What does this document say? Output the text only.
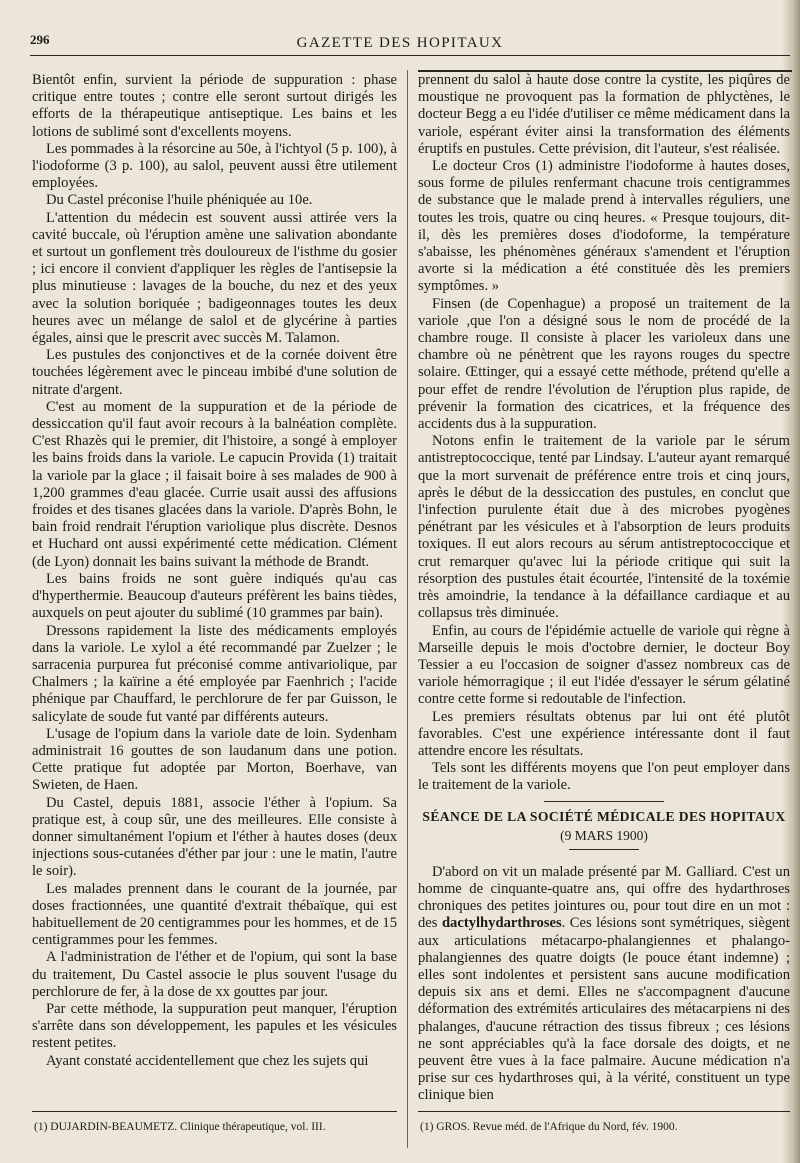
296	GAZETTE DES HOPITAUX

Bientôt enfin, survient la période de suppuration : phase critique entre toutes ; contre elle seront surtout dirigés les efforts de la thérapeutique antiseptique. Les bains et les lotions de sublimé sont d'excellents moyens.

Les pommades à la résorcine au 50e, à l'ichtyol (5 p. 100), à l'iodoforme (3 p. 100), au salol, peuvent aussi être utilement employées.

Du Castel préconise l'huile phéniquée au 10e.

L'attention du médecin est souvent aussi attirée vers la cavité buccale, où l'éruption amène une salivation abondante et surtout un gonflement très douloureux de l'isthme du gosier ; ici encore il convient d'appliquer les règles de l'antisepsie la plus minutieuse : lavages de la bouche, du nez et des yeux avec la solution boriquée ; badigeonnages toutes les deux heures avec un mélange de salol et de glycérine à parties égales, ainsi que le prescrit avec succès M. Talamon.

Les pustules des conjonctives et de la cornée doivent être touchées légèrement avec le pinceau imbibé d'une solution de nitrate d'argent.

C'est au moment de la suppuration et de la période de dessiccation qu'il faut avoir recours à la balnéation complète. C'est Rhazès qui le premier, dit l'histoire, a songé à employer les bains froids dans la variole. Le capucin Provida (1) traitait la variole par la glace ; il faisait boire à ses malades de 900 à 1,200 grammes d'eau glacée. Currie usait aussi des affusions froides et des tisanes glacées dans la variole. D'après Bohn, le bain froid rendrait l'éruption variolique plus discrète. Desnos et Huchard ont aussi expérimenté cette médication. Clément (de Lyon) donnait les bains suivant la méthode de Brandt.

Les bains froids ne sont guère indiqués qu'au cas d'hyperthermie. Beaucoup d'auteurs préfèrent les bains tièdes, auxquels on peut ajouter du sublimé (10 grammes par bain).

Dressons rapidement la liste des médicaments employés dans la variole. Le xylol a été recommandé par Zuelzer ; le sarracenia purpurea fut préconisé comme antivariolique, par Chalmers ; la kaïrine a été employée par Faenhrich ; l'acide phénique par Chauffard, le perchlorure de fer par Guisson, le salicylate de soude fut vanté par différents auteurs.

L'usage de l'opium dans la variole date de loin. Sydenham administrait 16 gouttes de son laudanum dans une potion. Cette pratique fut adoptée par Morton, Boerhave, van Swieten, de Haen.

Du Castel, depuis 1881, associe l'éther à l'opium. Sa pratique est, à coup sûr, une des meilleures. Elle consiste à donner simultanément l'opium et l'éther à hautes doses (deux injections sous-cutanées d'éther par jour : une le matin, l'autre le soir).

Les malades prennent dans le courant de la journée, par doses fractionnées, une quantité d'extrait thébaïque, qui est habituellement de 20 centigrammes pour les hommes, et de 15 centigrammes pour les femmes.

A l'administration de l'éther et de l'opium, qui sont la base du traitement, Du Castel associe le plus souvent l'usage du perchlorure de fer, à la dose de xx gouttes par jour.

Par cette méthode, la suppuration peut manquer, l'éruption s'arrête dans son développement, les papules et les vésicules restent petites.

Ayant constaté accidentellement que chez les sujets qui

prennent du salol à haute dose contre la cystite, les piqûres de moustique ne provoquent pas la formation de phlyctènes, le docteur Begg a eu l'idée d'utiliser ce même médicament dans la variole, espérant éviter ainsi la transformation des éléments éruptifs en pustules. Cette prévision, dit l'auteur, s'est réalisée.

Le docteur Cros (1) administre l'iodoforme à hautes doses, sous forme de pilules renfermant chacune trois centigrammes de substance que le malade prend à intervalles réguliers, une toutes les trois, quatre ou cinq heures. « Presque toujours, dit-il, dès les premières doses d'iodoforme, la température s'abaisse, les phénomènes généraux s'amendent et l'éruption avorte si la médication a été constituée dès les premiers symptômes. »

Finsen (de Copenhague) a proposé un traitement de la variole ,que l'on a désigné sous le nom de procédé de la chambre rouge. Il consiste à placer les varioleux dans une chambre où ne pénètrent que les rayons rouges du spectre solaire. Œttinger, qui a essayé cette méthode, prétend qu'elle a pour effet de rendre l'évolution de l'éruption plus rapide, de prévenir la formation des cicatrices, et la fréquence des accidents dus à la suppuration.

Notons enfin le traitement de la variole par le sérum antistreptococcique, tenté par Lindsay. L'auteur ayant remarqué que la mort survenait de préférence entre trois et cinq jours, après le début de la dessiccation des pustules, en conclut que l'infection purulente était due à des microbes pyogènes pénétrant par les vésicules et à l'absorption de leurs produits toxiques. Il eut alors recours au sérum antistreptococcique et crut remarquer qu'avec lui la période critique qui suit la résorption des pustules était écourtée, l'intensité de la toxémie très amoindrie, la tendance à la défaillance cardiaque et au collapsus très diminuée.

Enfin, au cours de l'épidémie actuelle de variole qui règne à Marseille depuis le mois d'octobre dernier, le docteur Boy Tessier a eu l'occasion de soigner d'assez nombreux cas de variole hémorragique ; il eut l'idée d'essayer le sérum gélatiné contre cette forme si redoutable de l'infection.

Les premiers résultats obtenus par lui ont été plutôt favorables. C'est une expérience intéressante dont il faut attendre encore les résultats.

Tels sont les différents moyens que l'on peut employer dans le traitement de la variole.

SÉANCE DE LA SOCIÉTÉ MÉDICALE DES HOPITAUX
(9 MARS 1900)

D'abord on vit un malade présenté par M. Galliard. C'est un homme de cinquante-quatre ans, qui offre des hydarthroses chroniques des petites jointures ou, pour tout dire en un mot : des dactylhydarthroses. Ces lésions sont symétriques, siègent aux articulations métacarpo-phalangiennes et phalango-phalangiennes des quatre doigts (le pouce étant indemne) ; elles sont indolentes et persistent sans aucune modification depuis six ans et demi. Elles ne s'accompagnent d'aucune déformation des extrémités articulaires des métacarpiens ni des phalanges, d'aucune rétraction des tissus fibreux ; ces lésions ne sont appréciables qu'à la face dorsale des doigts, et ne peuvent être vues à la face palmaire. Aucune médication n'a prise sur ces hydarthroses qui, à la vérité, constituent un type clinique bien

(1) DUJARDIN-BEAUMETZ. Clinique thérapeutique, vol. III.	(1) GROS. Revue méd. de l'Afrique du Nord, fév. 1900.
